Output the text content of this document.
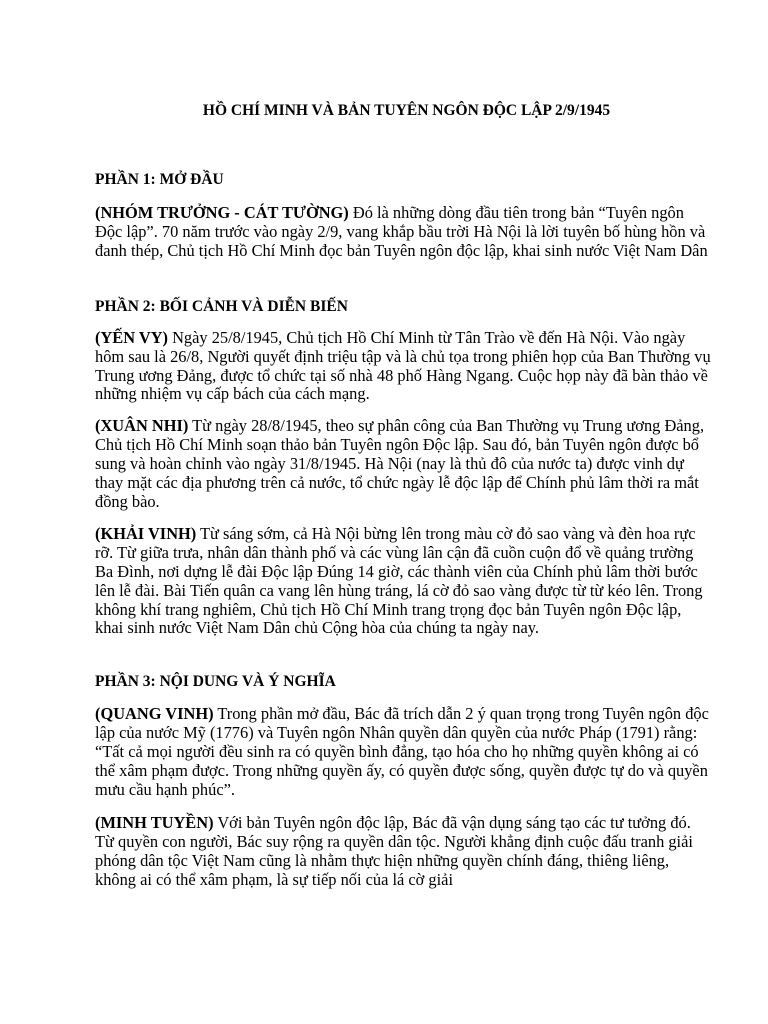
HỒ CHÍ MINH VÀ BẢN TUYÊN NGÔN ĐỘC LẬP 2/9/1945
PHẦN 1: MỞ ĐẦU

(NHÓM TRƯỞNG - CÁT TƯỜNG) Đó là những dòng đầu tiên trong bản “Tuyên ngôn Độc lập”. 70 năm trước vào ngày 2/9, vang khắp bầu trời Hà Nội là lời tuyên bố hùng hồn và đanh thép, Chủ tịch Hồ Chí Minh đọc bản Tuyên ngôn độc lập, khai sinh nước Việt Nam Dân

PHẦN 2: BỐI CẢNH VÀ DIỄN BIẾN

(YẾN VY) Ngày 25/8/1945, Chủ tịch Hồ Chí Minh từ Tân Trào về đến Hà Nội. Vào ngày hôm sau là 26/8, Người quyết định triệu tập và là chủ tọa trong phiên họp của Ban Thường vụ Trung ương Đảng, được tổ chức tại số nhà 48 phố Hàng Ngang. Cuộc họp này đã bàn thảo về những nhiệm vụ cấp bách của cách mạng.

(XUÂN NHI) Từ ngày 28/8/1945, theo sự phân công của Ban Thường vụ Trung ương Đảng, Chủ tịch Hồ Chí Minh soạn thảo bản Tuyên ngôn Độc lập. Sau đó, bản Tuyên ngôn được bổ sung và hoàn chỉnh vào ngày 31/8/1945. Hà Nội (nay là thủ đô của nước ta) được vinh dự thay mặt các địa phương trên cả nước, tổ chức ngày lễ độc lập để Chính phủ lâm thời ra mắt đồng bào.

(KHẢI VINH) Từ sáng sớm, cả Hà Nội bừng lên trong màu cờ đỏ sao vàng và đèn hoa rực rỡ. Từ giữa trưa, nhân dân thành phố và các vùng lân cận đã cuồn cuộn đổ về quảng trường Ba Đình, nơi dựng lễ đài Độc lập Đúng 14 giờ, các thành viên của Chính phủ lâm thời bước lên lễ đài. Bài Tiến quân ca vang lên hùng tráng, lá cờ đỏ sao vàng được từ từ kéo lên. Trong không khí trang nghiêm, Chủ tịch Hồ Chí Minh trang trọng đọc bản Tuyên ngôn Độc lập, khai sinh nước Việt Nam Dân chủ Cộng hòa của chúng ta ngày nay.

PHẦN 3: NỘI DUNG VÀ Ý NGHĨA

(QUANG VINH) Trong phần mở đầu, Bác đã trích dẫn 2 ý quan trọng trong Tuyên ngôn độc lập của nước Mỹ (1776) và Tuyên ngôn Nhân quyền dân quyền của nước Pháp (1791) rằng: “Tất cả mọi người đều sinh ra có quyền bình đẳng, tạo hóa cho họ những quyền không ai có thể xâm phạm được. Trong những quyền ấy, có quyền được sống, quyền được tự do và quyền mưu cầu hạnh phúc”.

(MINH TUYỀN) Với bản Tuyên ngôn độc lập, Bác đã vận dụng sáng tạo các tư tưởng đó. Từ quyền con người, Bác suy rộng ra quyền dân tộc. Người khẳng định cuộc đấu tranh giải phóng dân tộc Việt Nam cũng là nhằm thực hiện những quyền chính đáng, thiêng liêng, không ai có thể xâm phạm, là sự tiếp nối của lá cờ giải
